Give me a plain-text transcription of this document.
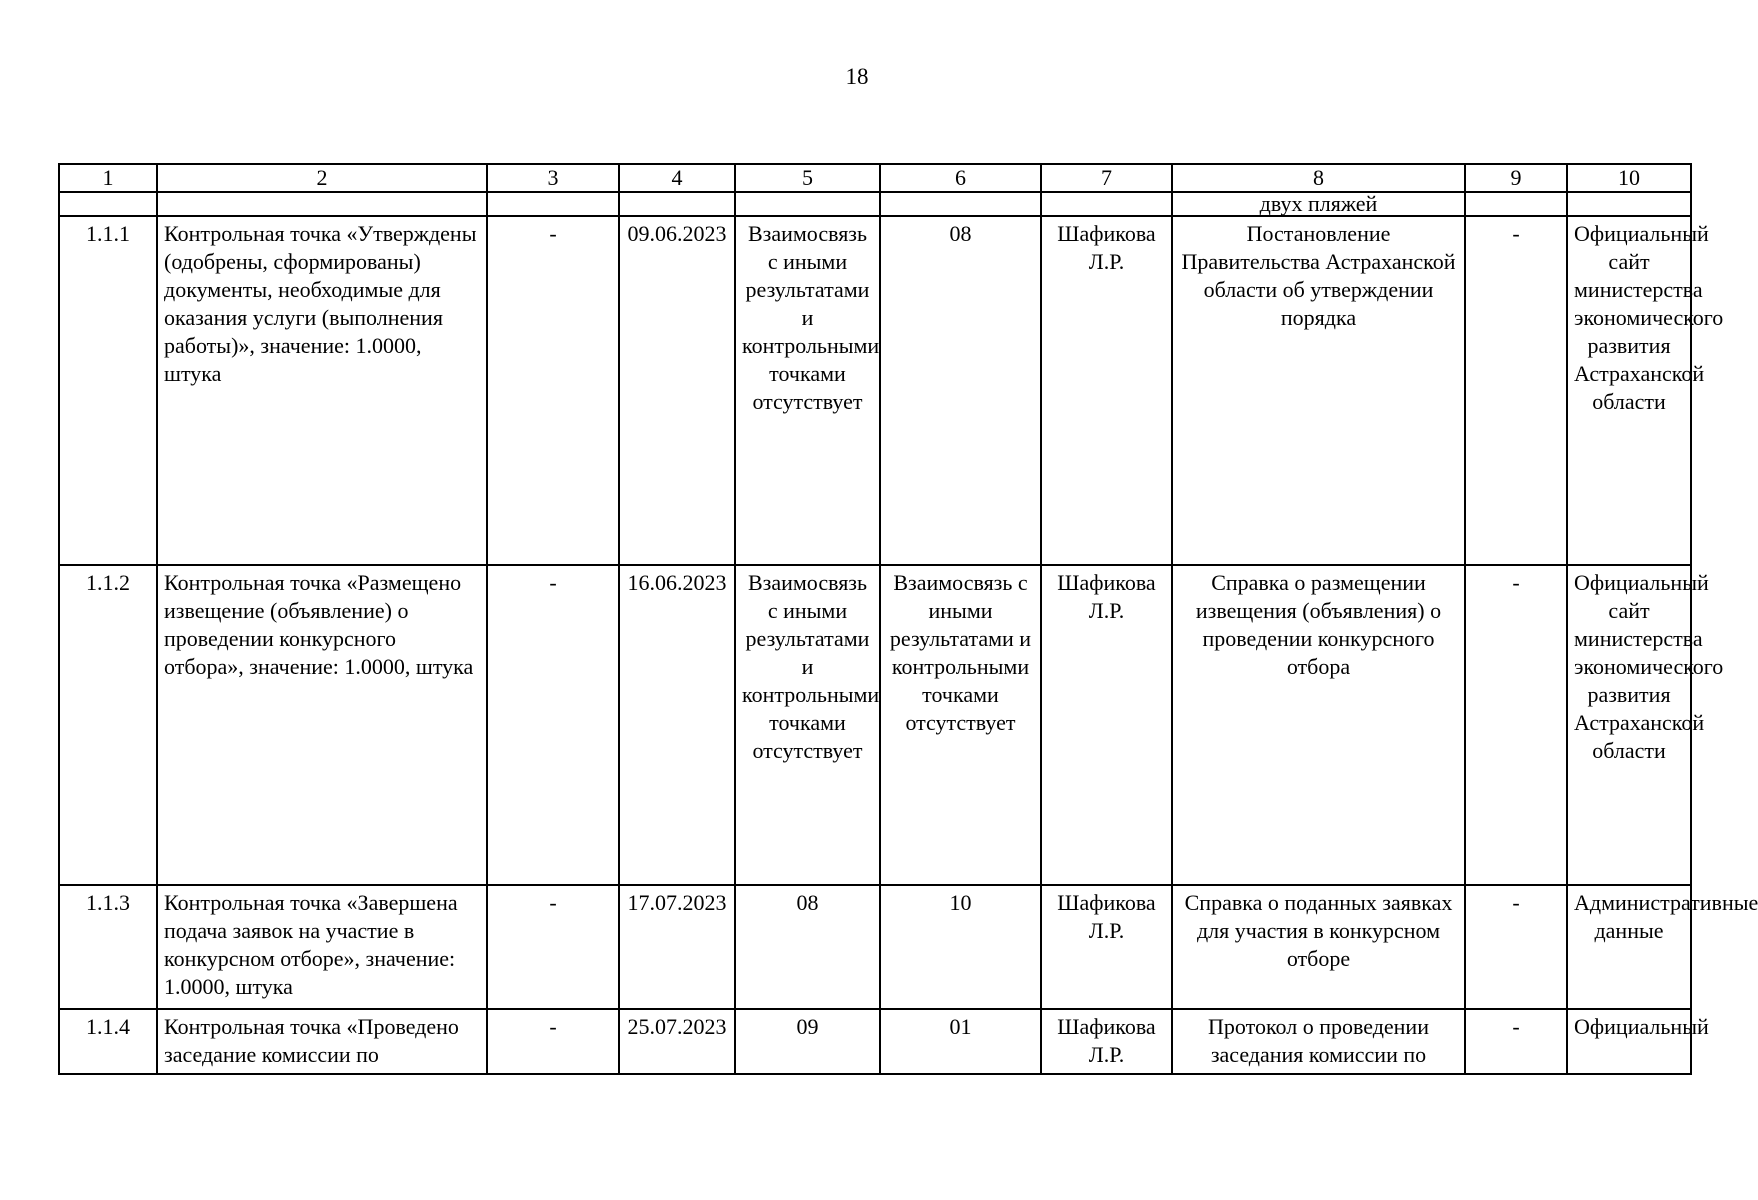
18
1	2	3	4	5	6	7	8	9	10
							двух пляжей		
1.1.1	Контрольная точка «Утверждены (одобрены, сформированы) документы, необходимые для оказания услуги (выполнения работы)», значение: 1.0000, штука	-	09.06.2023	Взаимосвязь с иными результатами и контрольными точками отсутствует	08	Шафикова Л.Р.	Постановление Правительства Астраханской области об утверждении порядка	-	Официальный сайт министерства экономического развития Астраханской области
1.1.2	Контрольная точка «Размещено извещение (объявление) о проведении конкурсного отбора», значение: 1.0000, штука	-	16.06.2023	Взаимосвязь с иными результатами и контрольными точками отсутствует	Взаимосвязь с иными результатами и контрольными точками отсутствует	Шафикова Л.Р.	Справка о размещении извещения (объявления) о проведении конкурсного отбора	-	Официальный сайт министерства экономического развития Астраханской области
1.1.3	Контрольная точка «Завершена подача заявок на участие в конкурсном отборе», значение: 1.0000, штука	-	17.07.2023	08	10	Шафикова Л.Р.	Справка о поданных заявках для участия в конкурсном отборе	-	Административные данные
1.1.4	Контрольная точка «Проведено заседание комиссии по	-	25.07.2023	09	01	Шафикова Л.Р.	Протокол о проведении заседания комиссии по	-	Официальный
